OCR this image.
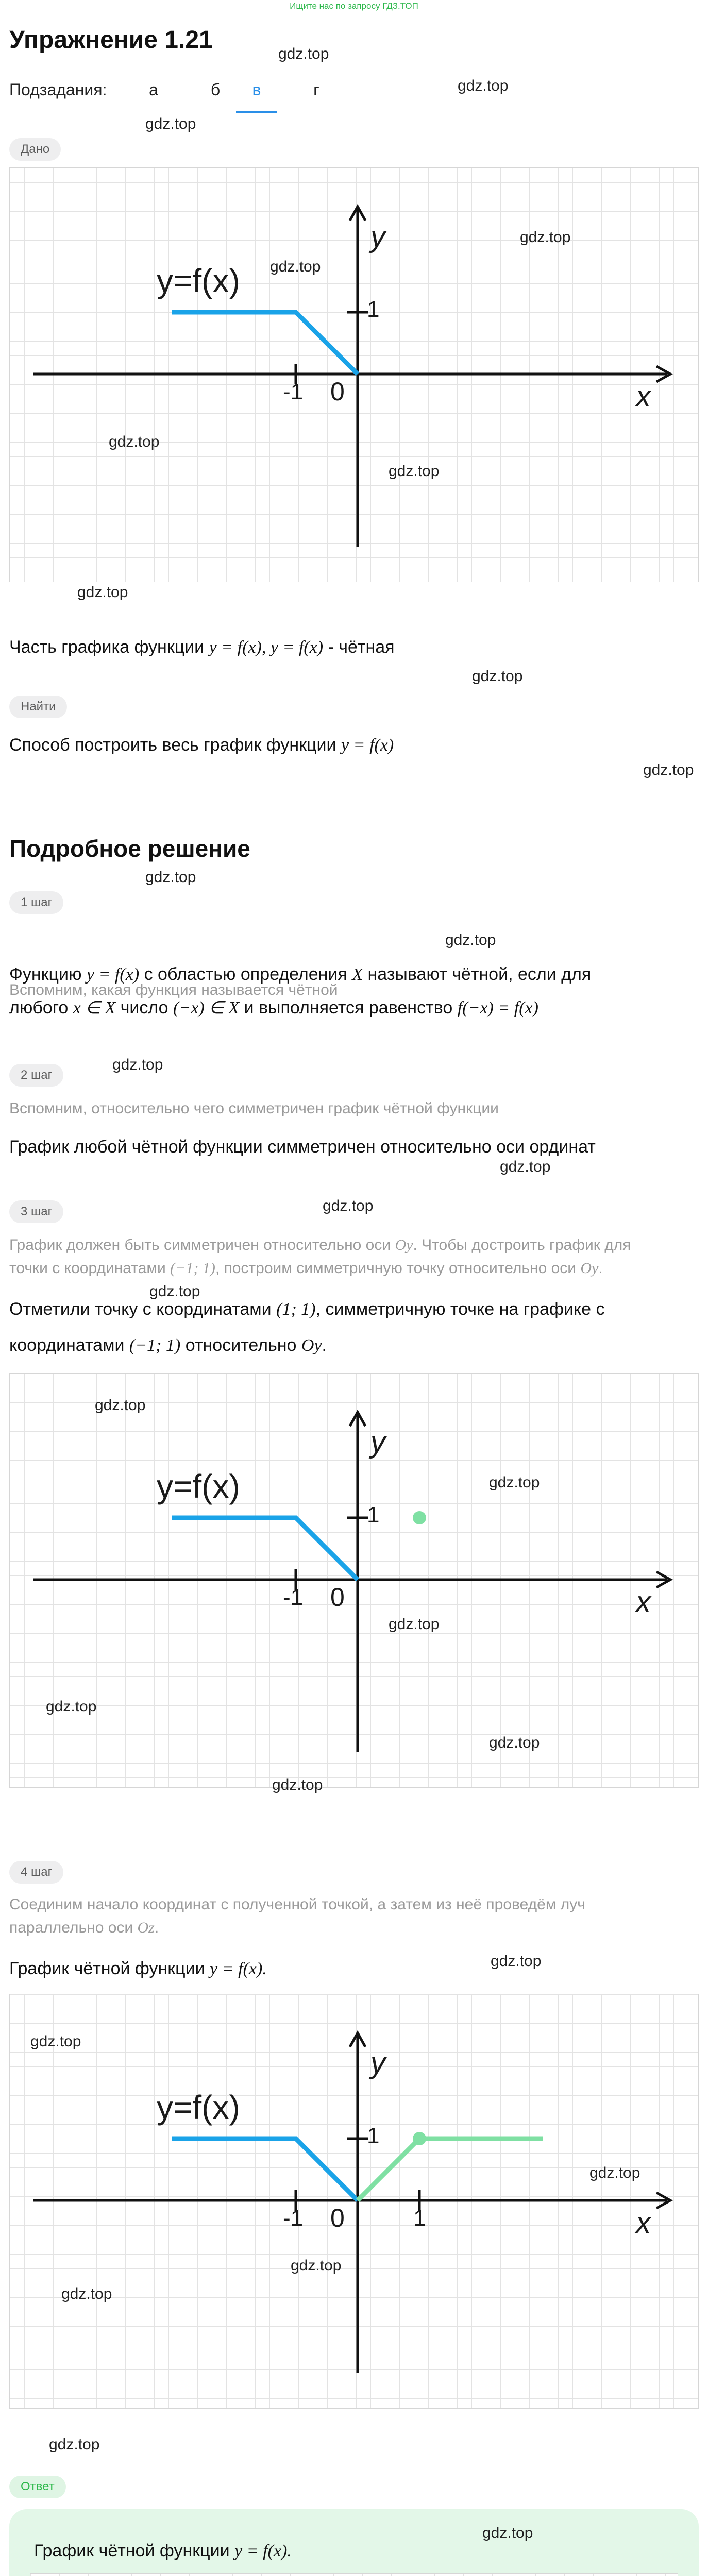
Ищите нас по запросу ГДЗ.ТОП
Упражнение 1.21
gdz.top
Подзадания:	а	б	в	г	gdz.top
gdz.top
Дано
y=f(x)
y
x
1
-1 0
gdz.top
gdz.top
gdz.top
gdz.top
gdz.top
Часть графика функции y = f(x), y = f(x) - чётная
gdz.top
Найти
Способ построить весь график функции y = f(x)
gdz.top
Подробное решение
gdz.top
1 шаг
Вспомним, какая функция называется чётной
gdz.top
Функцию y = f(x) с областью определения X называют чётной, если для
любого x ∈ X число (−x) ∈ X и выполняется равенство f(−x) = f(x)
2 шаг
gdz.top
Вспомним, относительно чего симметричен график чётной функции
График любой чётной функции симметричен относительно оси ординат
gdz.top
3 шаг	gdz.top
График должен быть симметричен относительно оси Oy. Чтобы достроить график для
точки с координатами (−1; 1), построим симметричную точку относительно оси Oy.
gdz.top
Отметили точку с координатами (1; 1), симметричную точке на графике с
координатами (−1; 1) относительно Oy.
y=f(x)
y
x
1
-1 0
gdz.top
gdz.top
gdz.top
gdz.top
gdz.top
gdz.top
4 шаг
Соединим начало координат с полученной точкой, а затем из неё проведём луч
параллельно оси Oz.
График чётной функции y = f(x).	gdz.top
y=f(x)
y
x
1
-1	1
0
gdz.top
gdz.top
gdz.top
gdz.top
gdz.top
Ответ
График чётной функции y = f(x).
gdz.top
